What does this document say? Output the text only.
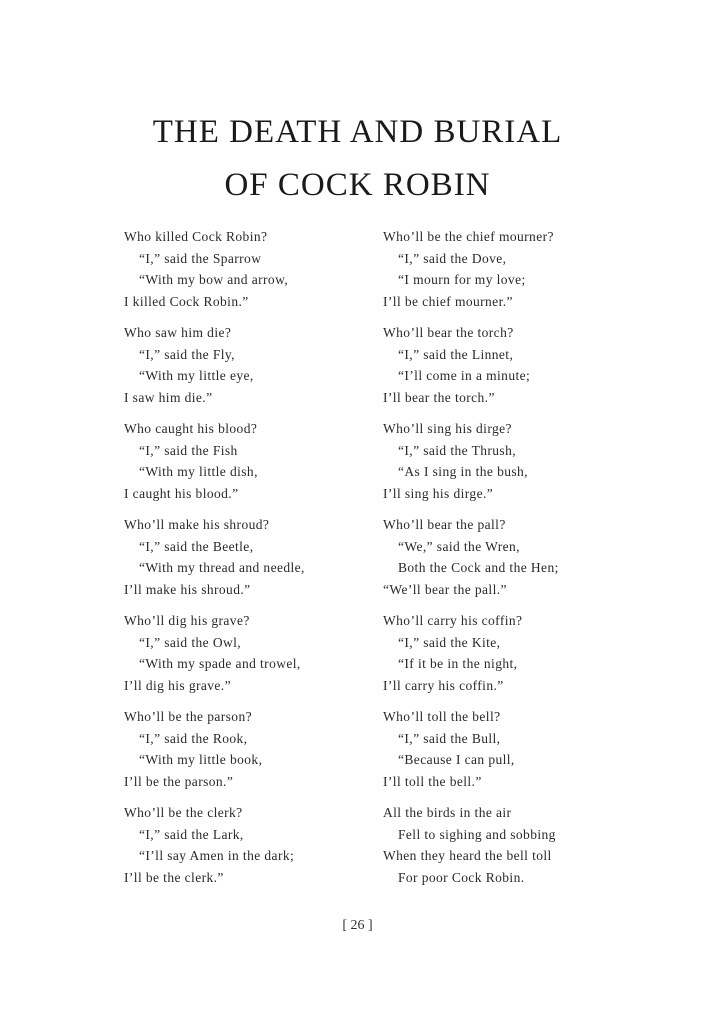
THE DEATH AND BURIAL
OF COCK ROBIN
Who killed Cock Robin?
“I,” said the Sparrow
“With my bow and arrow,
I killed Cock Robin.”
Who saw him die?
“I,” said the Fly,
“With my little eye,
I saw him die.”
Who caught his blood?
“I,” said the Fish
“With my little dish,
I caught his blood.”
Who’ll make his shroud?
“I,” said the Beetle,
“With my thread and needle,
I’ll make his shroud.”
Who’ll dig his grave?
“I,” said the Owl,
“With my spade and trowel,
I’ll dig his grave.”
Who’ll be the parson?
“I,” said the Rook,
“With my little book,
I’ll be the parson.”
Who’ll be the clerk?
“I,” said the Lark,
“I’ll say Amen in the dark;
I’ll be the clerk.”
Who’ll be the chief mourner?
“I,” said the Dove,
“I mourn for my love;
I’ll be chief mourner.”
Who’ll bear the torch?
“I,” said the Linnet,
“I’ll come in a minute;
I’ll bear the torch.”
Who’ll sing his dirge?
“I,” said the Thrush,
“As I sing in the bush,
I’ll sing his dirge.”
Who’ll bear the pall?
“We,” said the Wren,
Both the Cock and the Hen;
“We’ll bear the pall.”
Who’ll carry his coffin?
“I,” said the Kite,
“If it be in the night,
I’ll carry his coffin.”
Who’ll toll the bell?
“I,” said the Bull,
“Because I can pull,
I’ll toll the bell.”
All the birds in the air
Fell to sighing and sobbing
When they heard the bell toll
For poor Cock Robin.
[ 26 ]
